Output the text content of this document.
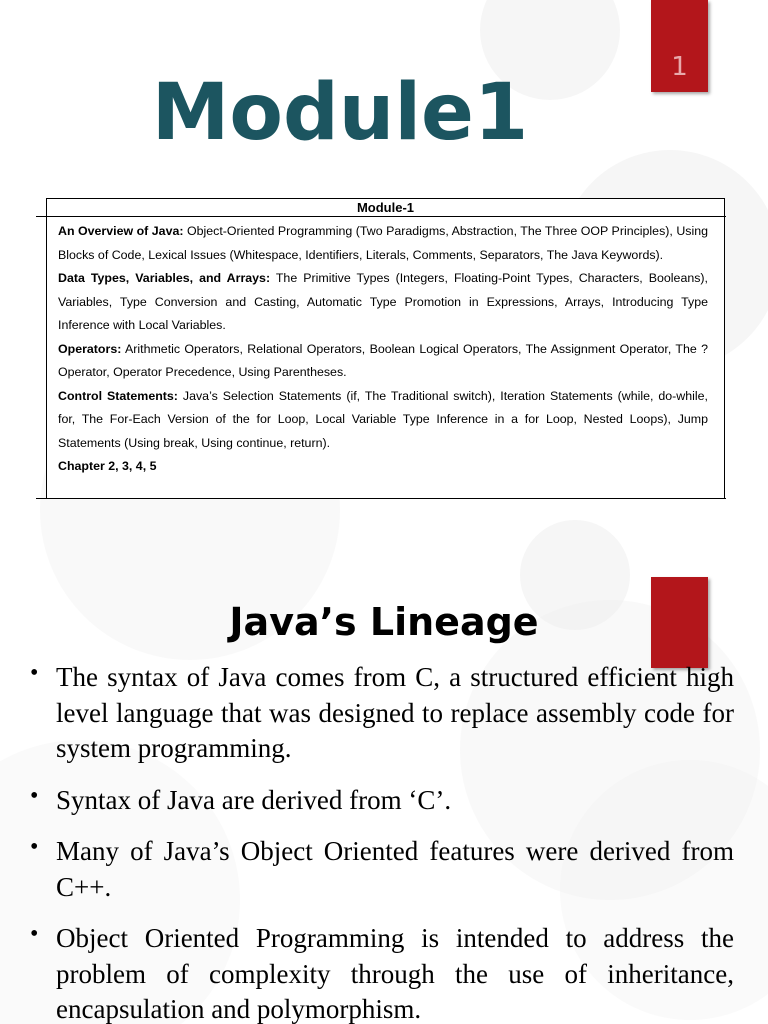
1
Module1
Module-1
An Overview of Java: Object-Oriented Programming (Two Paradigms, Abstraction, The Three OOP Principles), Using Blocks of Code, Lexical Issues (Whitespace, Identifiers, Literals, Comments, Separators, The Java Keywords).
Data Types, Variables, and Arrays: The Primitive Types (Integers, Floating-Point Types, Characters, Booleans), Variables, Type Conversion and Casting, Automatic Type Promotion in Expressions, Arrays, Introducing Type Inference with Local Variables.
Operators: Arithmetic Operators, Relational Operators, Boolean Logical Operators, The Assignment Operator, The ? Operator, Operator Precedence, Using Parentheses.
Control Statements: Java’s Selection Statements (if, The Traditional switch), Iteration Statements (while, do-while, for, The For-Each Version of the for Loop, Local Variable Type Inference in a for Loop, Nested Loops), Jump Statements (Using break, Using continue, return).
Chapter 2, 3, 4, 5
Java’s Lineage
• The syntax of Java comes from C, a structured efficient high level language that was designed to replace assembly code for system programming.
• Syntax of Java are derived from ‘C’.
• Many of Java’s Object Oriented features were derived from C++.
• Object Oriented Programming is intended to address the problem of complexity through the use of inheritance, encapsulation and polymorphism.
